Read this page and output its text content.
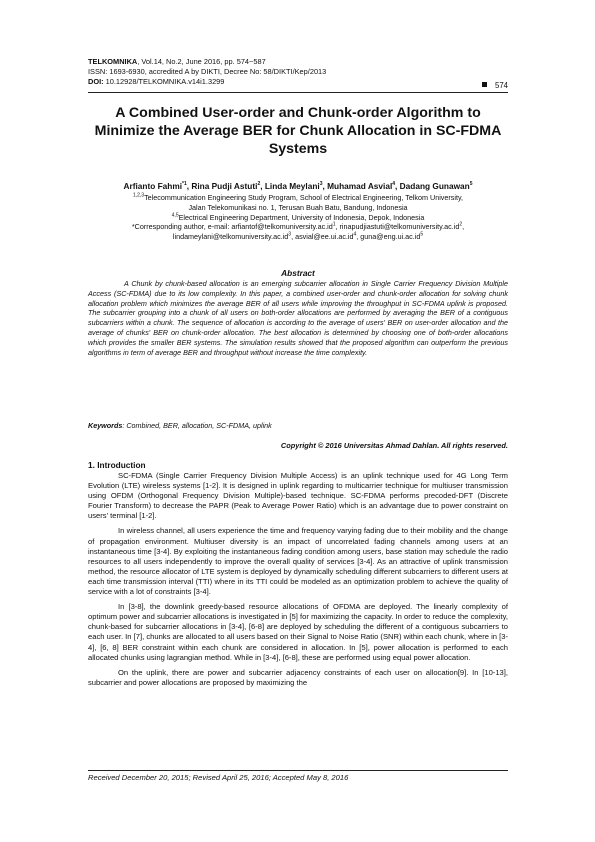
TELKOMNIKA, Vol.14, No.2, June 2016, pp. 574~587
ISSN: 1693-6930, accredited A by DIKTI, Decree No: 58/DIKTI/Kep/2013
DOI: 10.12928/TELKOMNIKA.v14i1.3299	574
A Combined User-order and Chunk-order Algorithm to Minimize the Average BER for Chunk Allocation in SC-FDMA Systems
Arfianto Fahmi$^{*1}$, Rina Pudji Astuti$^2$, Linda Meylani$^3$, Muhamad Asvial$^4$, Dadang Gunawan$^5$

$^{1,2,3}$Telecommunication Engineering Study Program, School of Electrical Engineering, Telkom University,

Jalan Telekomunikasi no. 1, Terusan Buah Batu, Bandung, Indonesia

$^{4,5}$Electrical Engineering Department, University of Indonesia, Depok, Indonesia

*Corresponding author, e-mail: $arfiantof@telkomuniversity.ac.id^1$, $rinapudjiastuti@telkomuniversity.ac.id^2$,

$lindameylani@telkomuniversity.ac.id^3$, $asvial@ee.ui.ac.id^4$, $guna@eng.ui.ac.id^5$

Abstract

A Chunk by chunk-based allocation is an emerging subcarrier allocation in Single Carrier Frequency Division Multiple Access (SC-FDMA) due to its low complexity. In this paper, a combined user-order and chunk-order allocation for solving chunk allocation problem which minimizes the average BER of all users while improving the throughput in SC-FDMA uplink is proposed. The subcarrier grouping into a chunk of all users on both-order allocations are performed by averaging the BER of a contiguous subcarriers within a chunk. The sequence of allocation is according to the average of users' BER on user-order allocation and the average of chunks' BER on chunk-order allocation. The best allocation is determined by choosing one of both-order allocations which provides the smaller BER systems. The simulation results showed that the proposed algorithm can outperform the previous algorithms in term of average BER and throughput without increase the time complexity.

Keywords: Combined, BER, allocation, SC-FDMA, uplink
Copyright © 2016 Universitas Ahmad Dahlan. All rights reserved.
1. Introduction

SC-FDMA (Single Carrier Frequency Division Multiple Access) is an uplink technique used for 4G Long Term Evolution (LTE) wireless systems [1-2]. It is designed in uplink regarding to multicarrier technique for multiuser transmission using OFDM (Orthogonal Frequency Division Multiple)-based technique. SC-FDMA performs precoded-DFT (Discrete Fourier Transform) to decrease the PAPR (Peak to Average Power Ratio) which is an advantage due to power constraint on users' terminal [1-2].

In wireless channel, all users experience the time and frequency varying fading due to their mobility and the change of propagation environment. Multiuser diversity is an impact of uncorrelated fading channels among users at an instantaneous time [3-4]. By exploiting the instantaneous fading condition among users, base station may schedule the radio resources to all users independently to improve the overall quality of services [3-4]. As an attractive of uplink transmission method, the resource allocator of LTE system is deployed by dynamically scheduling different subcarriers to different users at each time transmission interval (TTI) where in its TTI could be modeled as an optimization problem to achieve the quality of service with a lot of constraints [3-4].

In [3-8], the downlink greedy-based resource allocations of OFDMA are deployed. The linearly complexity of optimum power and subcarrier allocations is investigated in [5] for maximizing the capacity. In order to reduce the complexity, chunk-based for subcarrier allocations in [3-4], [6-8] are deployed by scheduling the different of a contiguous subcarriers to each user. In [7], chunks are allocated to all users based on their Signal to Noise Ratio (SNR) within each chunk, where in [3-4], [6, 8] BER constraint within each chunk are considered in allocation. In [5], power allocation is performed to each allocated chunks using lagrangian method. While in [3-4], [6-8], these are performed using equal power allocation.

On the uplink, there are power and subcarrier adjacency constraints of each user on allocation[9]. In [10-13], subcarrier and power allocations are proposed by maximizing the

Received December 20, 2015; Revised April 25, 2016; Accepted May 8, 2016
